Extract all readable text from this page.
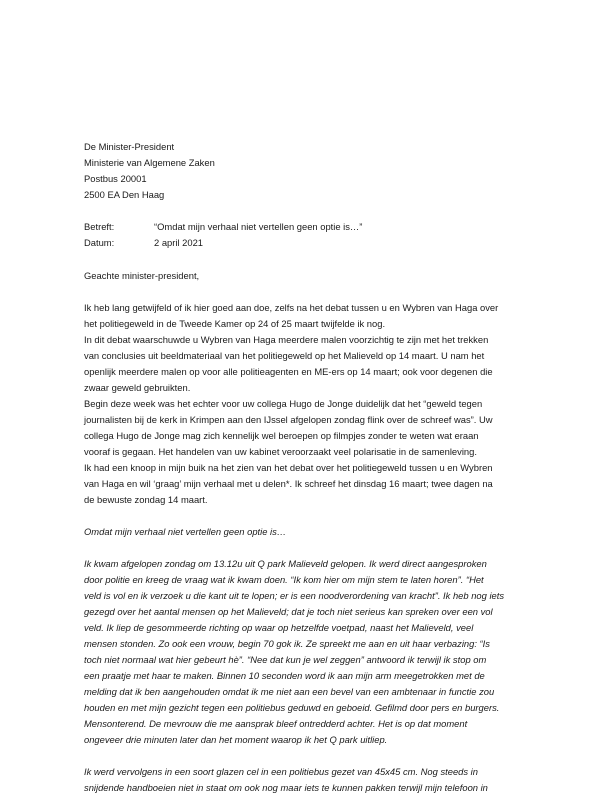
De Minister-President
Ministerie van Algemene Zaken
Postbus 20001
2500 EA Den Haag
Betreft:	“Omdat mijn verhaal niet vertellen geen optie is…”
Datum:	2 april 2021
Geachte minister-president,
Ik heb lang getwijfeld of ik hier goed aan doe, zelfs na het debat tussen u en Wybren van Haga over
het politiegeweld in de Tweede Kamer op 24 of 25 maart twijfelde ik nog.
In dit debat waarschuwde u Wybren van Haga meerdere malen voorzichtig te zijn met het trekken
van conclusies uit beeldmateriaal van het politiegeweld op het Malieveld op 14 maart. U nam het
openlijk meerdere malen op voor alle politieagenten en ME-ers op 14 maart; ook voor degenen die
zwaar geweld gebruikten.
Begin deze week was het echter voor uw collega Hugo de Jonge duidelijk dat het “geweld tegen
journalisten bij de kerk in Krimpen aan den IJssel afgelopen zondag flink over de schreef was”. Uw
collega Hugo de Jonge mag zich kennelijk wel beroepen op filmpjes zonder te weten wat eraan
vooraf is gegaan. Het handelen van uw kabinet veroorzaakt veel polarisatie in de samenleving.
Ik had een knoop in mijn buik na het zien van het debat over het politiegeweld tussen u en Wybren
van Haga en wil ‘graag’ mijn verhaal met u delen*. Ik schreef het dinsdag 16 maart; twee dagen na
de bewuste zondag 14 maart.
Omdat mijn verhaal niet vertellen geen optie is…
Ik kwam afgelopen zondag om 13.12u uit Q park Malieveld gelopen. Ik werd direct aangesproken
door politie en kreeg de vraag wat ik kwam doen. “Ik kom hier om mijn stem te laten horen”. “Het
veld is vol en ik verzoek u die kant uit te lopen; er is een noodverordening van kracht”. Ik heb nog iets
gezegd over het aantal mensen op het Malieveld; dat je toch niet serieus kan spreken over een vol
veld. Ik liep de gesommeerde richting op waar op hetzelfde voetpad, naast het Malieveld, veel
mensen stonden. Zo ook een vrouw, begin 70 gok ik. Ze spreekt me aan en uit haar verbazing: “Is
toch niet normaal wat hier gebeurt hè”. “Nee dat kun je wel zeggen” antwoord ik terwijl ik stop om
een praatje met haar te maken. Binnen 10 seconden word ik aan mijn arm meegetrokken met de
melding dat ik ben aangehouden omdat ik me niet aan een bevel van een ambtenaar in functie zou
houden en met mijn gezicht tegen een politiebus geduwd en geboeid. Gefilmd door pers en burgers.
Mensonterend. De mevrouw die me aansprak bleef ontredderd achter. Het is op dat moment
ongeveer drie minuten later dan het moment waarop ik het Q park uitliep.
Ik werd vervolgens in een soort glazen cel in een politiebus gezet van 45x45 cm. Nog steeds in
snijdende handboeien niet in staat om ook nog maar iets te kunnen pakken terwijl mijn telefoon in
